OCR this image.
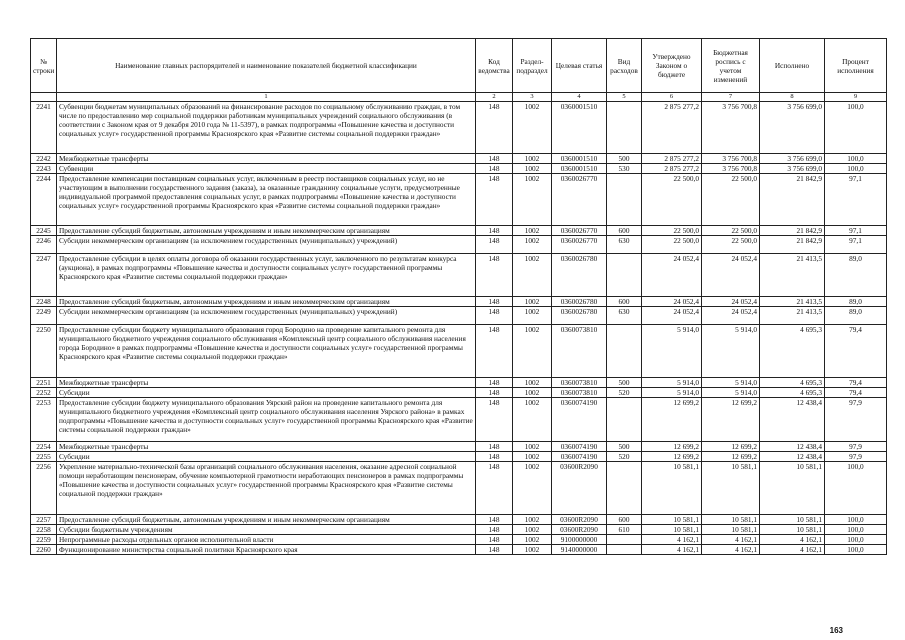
№ строки	Наименование главных распорядителей и наименование показателей бюджетной классификации	Код ведомства	Раздел-подраздел	Целевая статья	Вид расходов	Утверждено Законом о бюджете	Бюджетная роспись с учетом изменений	Исполнено	Процент исполнения
	1	2	3	4	5	6	7	8	9
2241	Субвенции бюджетам муниципальных образований на финансирование расходов по социальному обслуживанию граждан, в том числе по предоставлению мер социальной поддержки работникам муниципальных учреждений социального обслуживания (в соответствии с Законом края от 9 декабря 2010 года № 11-5397), в рамках подпрограммы «Повышение качества и доступности социальных услуг» государственной программы Красноярского края «Развитие системы социальной поддержки граждан»	148	1002	0360001510		2 875 277,2	3 756 700,8	3 756 699,0	100,0
2242	Межбюджетные трансферты	148	1002	0360001510	500	2 875 277,2	3 756 700,8	3 756 699,0	100,0
2243	Субвенции	148	1002	0360001510	530	2 875 277,2	3 756 700,8	3 756 699,0	100,0
2244	Предоставление компенсации поставщикам социальных услуг, включенным в реестр поставщиков социальных услуг, но не участвующим в выполнении государственного задания (заказа), за оказанные гражданину социальные услуги, предусмотренные индивидуальной программой предоставления социальных услуг, в рамках подпрограммы «Повышение качества и доступности социальных услуг» государственной программы Красноярского края «Развитие системы социальной поддержки граждан»	148	1002	0360026770		22 500,0	22 500,0	21 842,9	97,1
2245	Предоставление субсидий бюджетным, автономным учреждениям и иным некоммерческим организациям	148	1002	0360026770	600	22 500,0	22 500,0	21 842,9	97,1
2246	Субсидии некоммерческим организациям (за исключением государственных (муниципальных) учреждений)	148	1002	0360026770	630	22 500,0	22 500,0	21 842,9	97,1
2247	Предоставление субсидии в целях оплаты договора об оказании государственных услуг, заключенного по результатам конкурса (аукциона), в рамках подпрограммы «Повышение качества и доступности социальных услуг» государственной программы Красноярского края «Развитие системы социальной поддержки граждан»	148	1002	0360026780		24 052,4	24 052,4	21 413,5	89,0
2248	Предоставление субсидий бюджетным, автономным учреждениям и иным некоммерческим организациям	148	1002	0360026780	600	24 052,4	24 052,4	21 413,5	89,0
2249	Субсидии некоммерческим организациям (за исключением государственных (муниципальных) учреждений)	148	1002	0360026780	630	24 052,4	24 052,4	21 413,5	89,0
2250	Предоставление субсидии бюджету муниципального образования город Бородино на проведение капитального ремонта для муниципального бюджетного учреждения социального обслуживания «Комплексный центр социального обслуживания населения города Бородино» в рамках подпрограммы «Повышение качества и доступности социальных услуг» государственной программы Красноярского края «Развитие системы социальной поддержки граждан»	148	1002	0360073810		5 914,0	5 914,0	4 695,3	79,4
2251	Межбюджетные трансферты	148	1002	0360073810	500	5 914,0	5 914,0	4 695,3	79,4
2252	Субсидии	148	1002	0360073810	520	5 914,0	5 914,0	4 695,3	79,4
2253	Предоставление субсидии бюджету муниципального образования Уярский район на проведение капитального ремонта для муниципального бюджетного учреждения «Комплексный центр социального обслуживания населения Уярского района» в рамках подпрограммы «Повышение качества и доступности социальных услуг» государственной программы Красноярского края «Развитие системы социальной поддержки граждан»	148	1002	0360074190		12 699,2	12 699,2	12 438,4	97,9
2254	Межбюджетные трансферты	148	1002	0360074190	500	12 699,2	12 699,2	12 438,4	97,9
2255	Субсидии	148	1002	0360074190	520	12 699,2	12 699,2	12 438,4	97,9
2256	Укрепление материально-технической базы организаций социального обслуживания населения, оказание адресной социальной помощи неработающим пенсионерам, обучение компьютерной грамотности неработающих пенсионеров в рамках подпрограммы «Повышение качества и доступности социальных услуг» государственной программы Красноярского края «Развитие системы социальной поддержки граждан»	148	1002	03600R2090		10 581,1	10 581,1	10 581,1	100,0
2257	Предоставление субсидий бюджетным, автономным учреждениям и иным некоммерческим организациям	148	1002	03600R2090	600	10 581,1	10 581,1	10 581,1	100,0
2258	Субсидии бюджетным учреждениям	148	1002	03600R2090	610	10 581,1	10 581,1	10 581,1	100,0
2259	Непрограммные расходы отдельных органов исполнительной власти	148	1002	9100000000		4 162,1	4 162,1	4 162,1	100,0
2260	Функционирование министерства социальной политики Красноярского края	148	1002	9140000000		4 162,1	4 162,1	4 162,1	100,0
163
